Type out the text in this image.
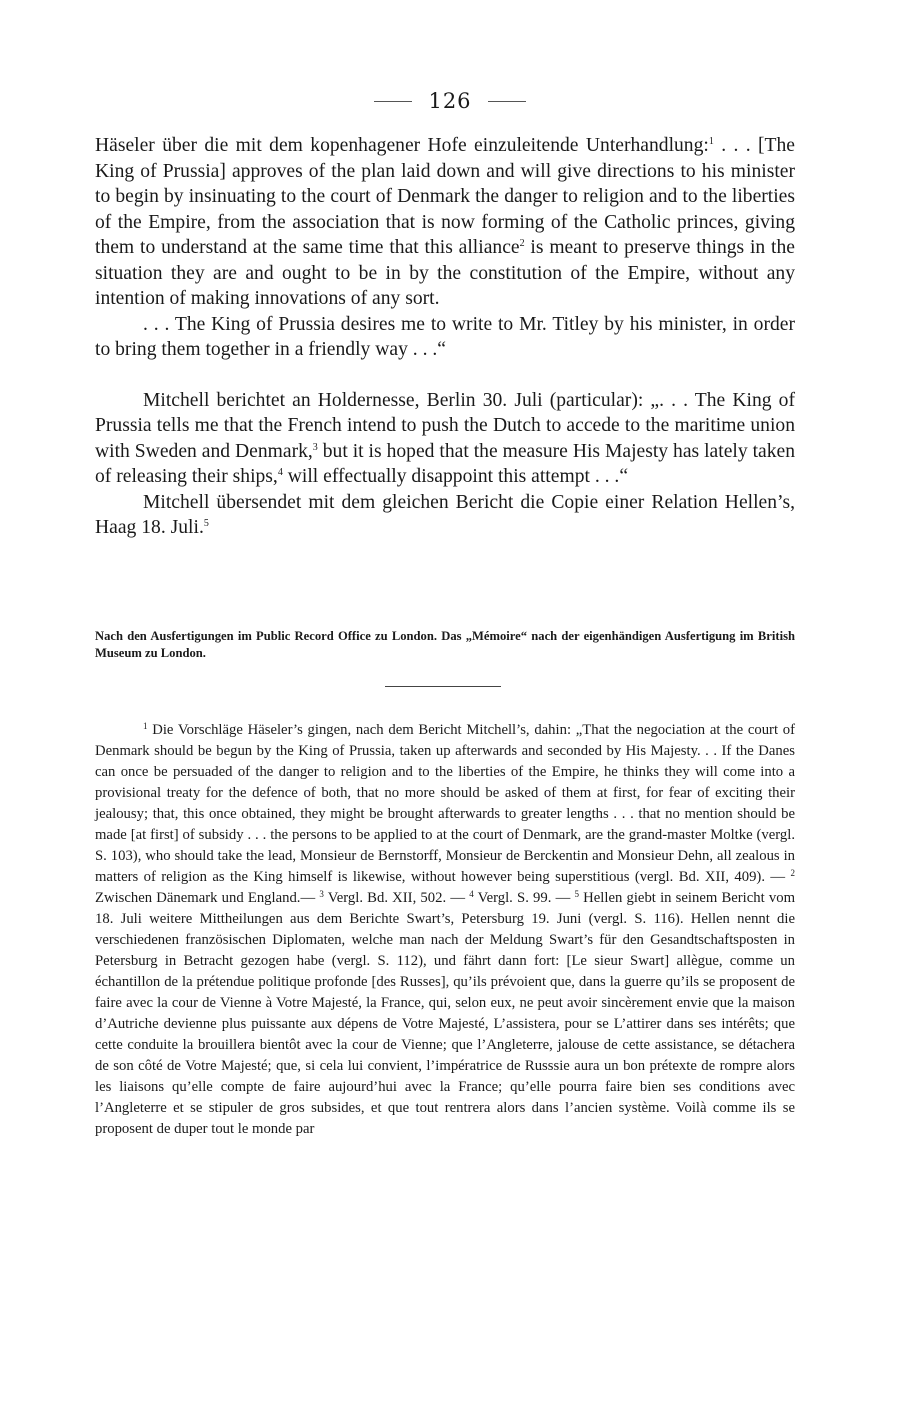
126

Häseler über die mit dem kopenhagener Hofe einzuleitende Unterhandlung:$^1$ . . . [The King of Prussia] approves of the plan laid down and will give directions to his minister to begin by insinuating to the court of Denmark the danger to religion and to the liberties of the Empire, from the association that is now forming of the Catholic princes, giving them to understand at the same time that this alliance$^2$ is meant to preserve things in the situation they are and ought to be in by the constitution of the Empire, without any intention of making innovations of any sort.

. . . The King of Prussia desires me to write to Mr. Titley by his minister, in order to bring them together in a friendly way . . .“

Mitchell berichtet an Holdernesse, Berlin 30. Juli (particular): „. . . The King of Prussia tells me that the French intend to push the Dutch to accede to the maritime union with Sweden and Denmark,$^3$ but it is hoped that the measure His Majesty has lately taken of releasing their ships,$^4$ will effectually disappoint this attempt . . .“

Mitchell übersendet mit dem gleichen Bericht die Copie einer Relation Hellen’s, Haag 18. Juli.$^5$

Nach den Ausfertigungen im Public Record Office zu London. Das „Mémoire“ nach der eigenhändigen Ausfertigung im British Museum zu London.

$^1$ Die Vorschläge Häseler’s gingen, nach dem Bericht Mitchell’s, dahin: „That the negociation at the court of Denmark should be begun by the King of Prussia, taken up afterwards and seconded by His Majesty. . . If the Danes can once be persuaded of the danger to religion and to the liberties of the Empire, he thinks they will come into a provisional treaty for the defence of both, that no more should be asked of them at first, for fear of exciting their jealousy; that, this once obtained, they might be brought afterwards to greater lengths . . . that no mention should be made [at first] of subsidy . . . the persons to be applied to at the court of Denmark, are the grand-master Moltke (vergl. S. 103), who should take the lead, Monsieur de Bernstorff, Monsieur de Berckentin and Monsieur Dehn, all zealous in matters of religion as the King himself is likewise, without however being superstitious (vergl. Bd. XII, 409). — $^2$ Zwischen Dänemark und England.— $^3$ Vergl. Bd. XII, 502. — $^4$ Vergl. S. 99. — $^5$ Hellen giebt in seinem Bericht vom 18. Juli weitere Mittheilungen aus dem Berichte Swart’s, Petersburg 19. Juni (vergl. S. 116). Hellen nennt die verschiedenen französischen Diplomaten, welche man nach der Meldung Swart’s für den Gesandtschaftsposten in Petersburg in Betracht gezogen habe (vergl. S. 112), und fährt dann fort: [Le sieur Swart] allègue, comme un échantillon de la prétendue politique profonde [des Russes], qu’ils prévoient que, dans la guerre qu’ils se proposent de faire avec la cour de Vienne à Votre Majesté, la France, qui, selon eux, ne peut avoir sincèrement envie que la maison d’Autriche devienne plus puissante aux dépens de Votre Majesté, L’assistera, pour se L’attirer dans ses intérêts; que cette conduite la brouillera bientôt avec la cour de Vienne; que l’Angleterre, jalouse de cette assistance, se détachera de son côté de Votre Majesté; que, si cela lui convient, l’impératrice de Russsie aura un bon prétexte de rompre alors les liaisons qu’elle compte de faire aujourd’hui avec la France; qu’elle pourra faire bien ses conditions avec l’Angleterre et se stipuler de gros subsides, et que tout rentrera alors dans l’ancien système. Voilà comme ils se proposent de duper tout le monde par
